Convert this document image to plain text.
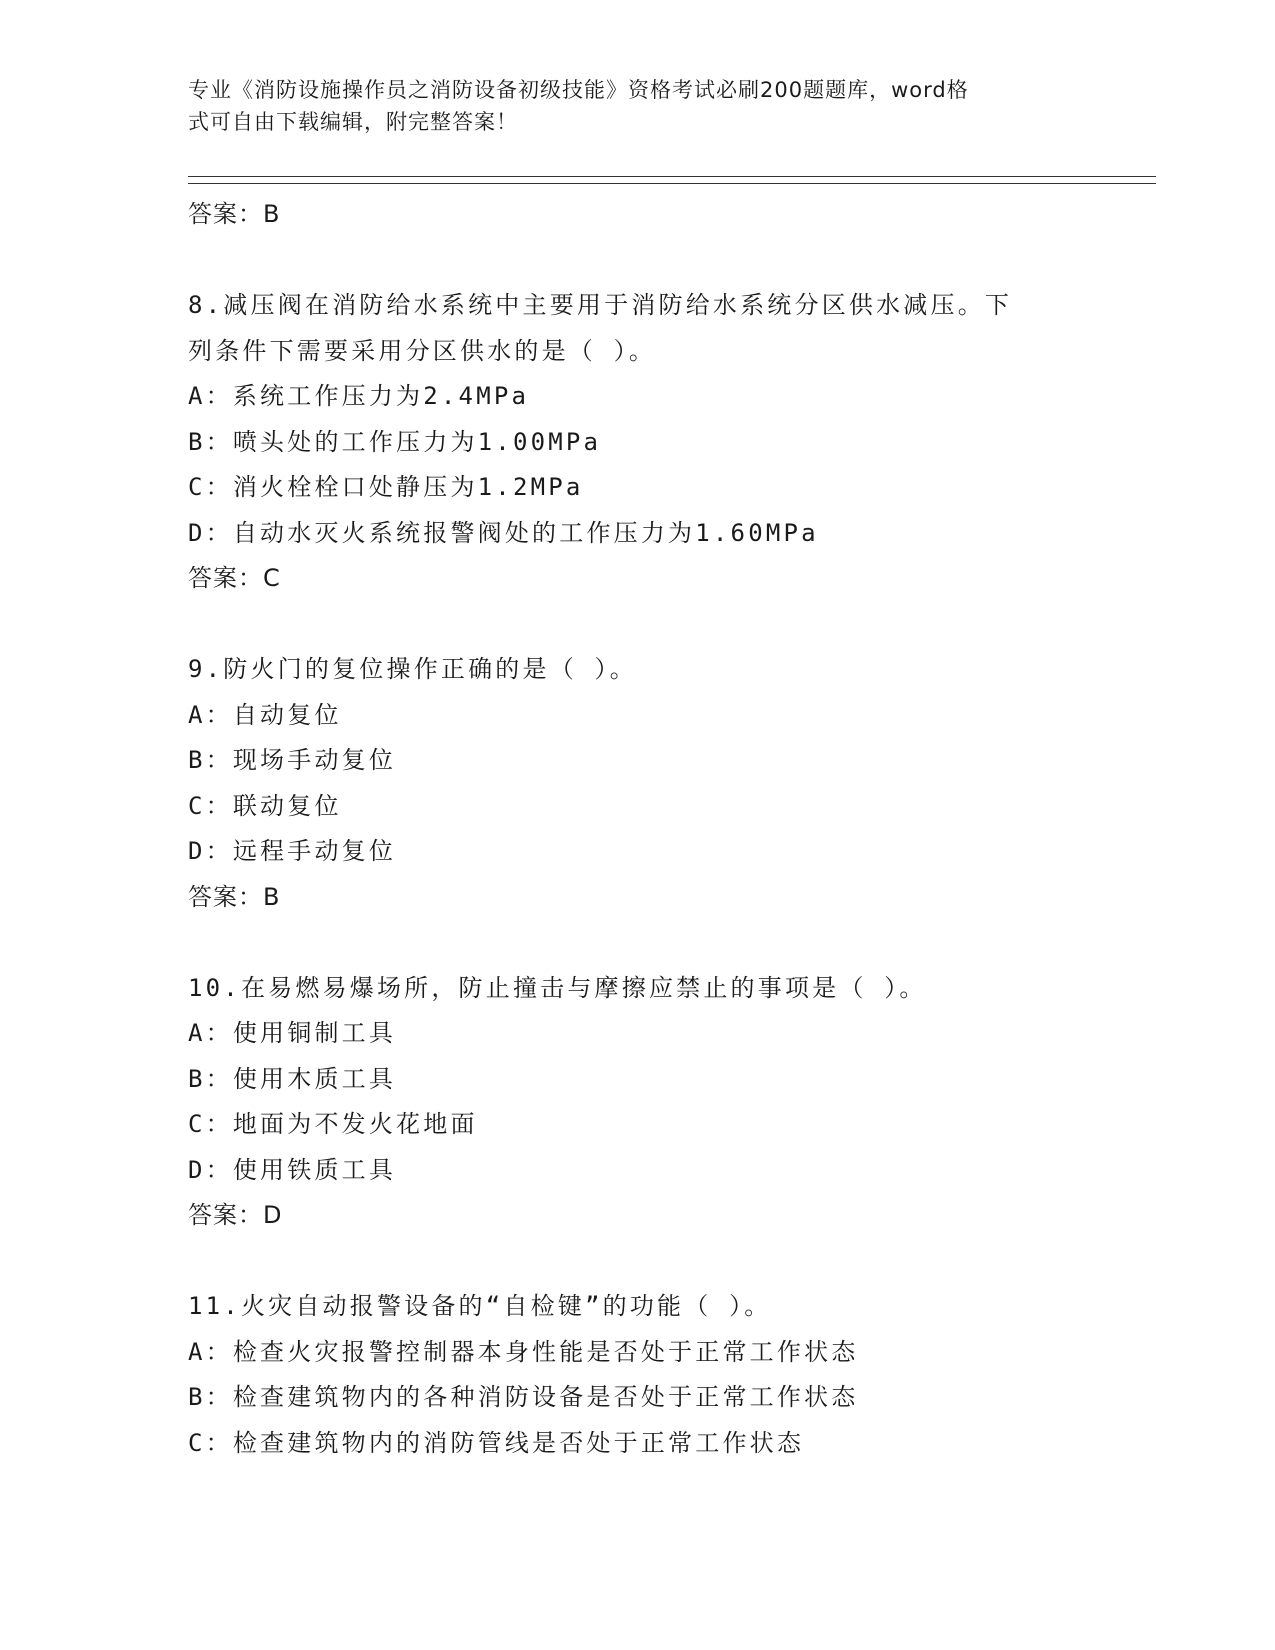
专业《消防设施操作员之消防设备初级技能》资格考试必刷200题题库，word格
式可自由下载编辑，附完整答案！
答案：B
8.减压阀在消防给水系统中主要用于消防给水系统分区供水减压。下
列条件下需要采用分区供水的是（ ）。
A：系统工作压力为2.4MPa
B：喷头处的工作压力为1.00MPa
C：消火栓栓口处静压为1.2MPa
D：自动水灭火系统报警阀处的工作压力为1.60MPa
答案：C
9.防火门的复位操作正确的是（ ）。
A：自动复位
B：现场手动复位
C：联动复位
D：远程手动复位
答案：B
10.在易燃易爆场所，防止撞击与摩擦应禁止的事项是（ ）。
A：使用铜制工具
B：使用木质工具
C：地面为不发火花地面
D：使用铁质工具
答案：D
11.火灾自动报警设备的“自检键”的功能（ ）。
A：检查火灾报警控制器本身性能是否处于正常工作状态
B：检查建筑物内的各种消防设备是否处于正常工作状态
C：检查建筑物内的消防管线是否处于正常工作状态
